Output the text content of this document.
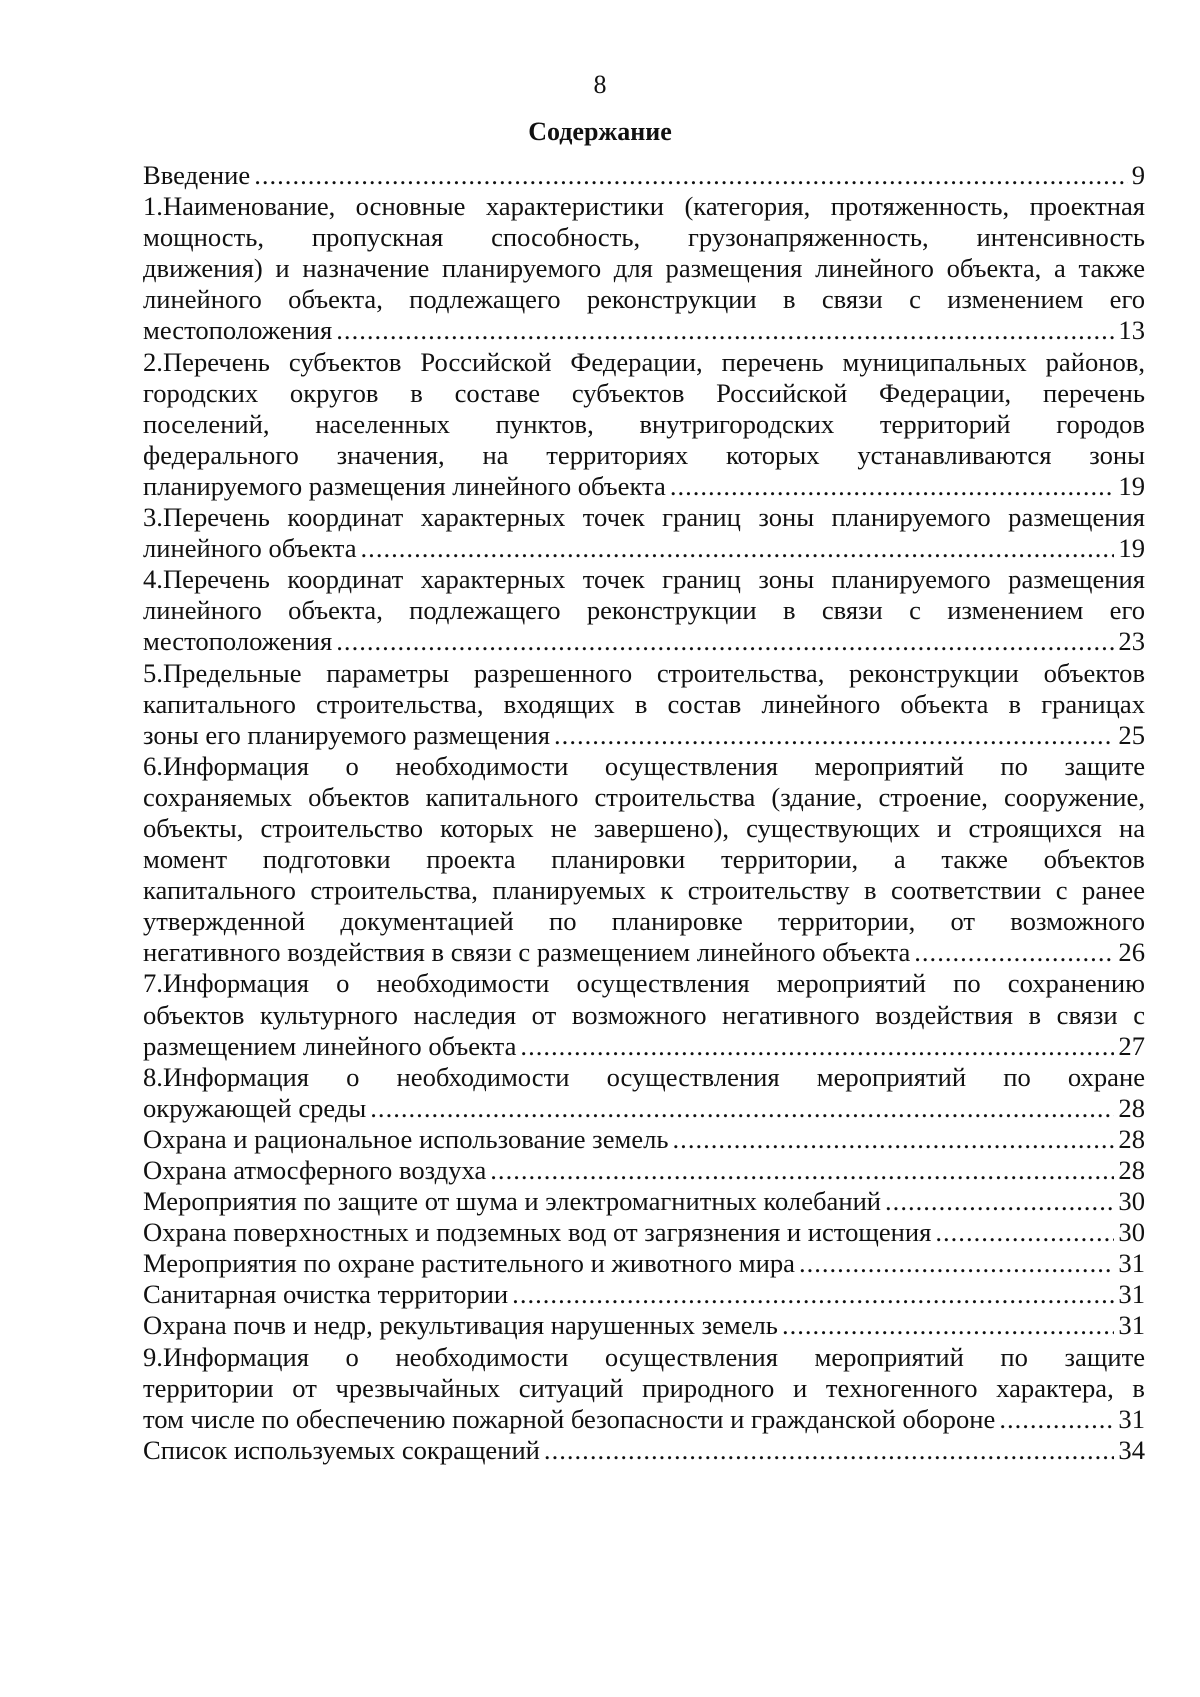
8
Содержание
Введение .....	9
1.Наименование, основные характеристики (категория, протяженность, проектная
мощность, пропускная способность, грузонапряженность, интенсивность
движения) и назначение планируемого для размещения линейного объекта, а также
линейного объекта, подлежащего реконструкции в связи с изменением его
местоположения .....	13
2.Перечень субъектов Российской Федерации, перечень муниципальных районов,
городских округов в составе субъектов Российской Федерации, перечень
поселений, населенных пунктов, внутригородских территорий городов
федерального значения, на территориях которых устанавливаются зоны
планируемого размещения линейного объекта .....	19
3.Перечень координат характерных точек границ зоны планируемого размещения
линейного объекта .....	19
4.Перечень координат характерных точек границ зоны планируемого размещения
линейного объекта, подлежащего реконструкции в связи с изменением его
местоположения .....	23
5.Предельные параметры разрешенного строительства, реконструкции объектов
капитального строительства, входящих в состав линейного объекта в границах
зоны его планируемого размещения .....	25
6.Информация о необходимости осуществления мероприятий по защите
сохраняемых объектов капитального строительства (здание, строение, сооружение,
объекты, строительство которых не завершено), существующих и строящихся на
момент подготовки проекта планировки территории, а также объектов
капитального строительства, планируемых к строительству в соответствии с ранее
утвержденной документацией по планировке территории, от возможного
негативного воздействия в связи с размещением линейного объекта .....	26
7.Информация о необходимости осуществления мероприятий по сохранению
объектов культурного наследия от возможного негативного воздействия в связи с
размещением линейного объекта .....	27
8.Информация о необходимости осуществления мероприятий по охране
окружающей среды .....	28
Охрана и рациональное использование земель .....	28
Охрана атмосферного воздуха .....	28
Мероприятия по защите от шума и электромагнитных колебаний .....	30
Охрана поверхностных и подземных вод от загрязнения и истощения .....	30
Мероприятия по охране растительного и животного мира .....	31
Санитарная очистка территории .....	31
Охрана почв и недр, рекультивация нарушенных земель .....	31
9.Информация о необходимости осуществления мероприятий по защите
территории от чрезвычайных ситуаций природного и техногенного характера, в
том числе по обеспечению пожарной безопасности и гражданской обороне .....	31
Список используемых сокращений .....	34
